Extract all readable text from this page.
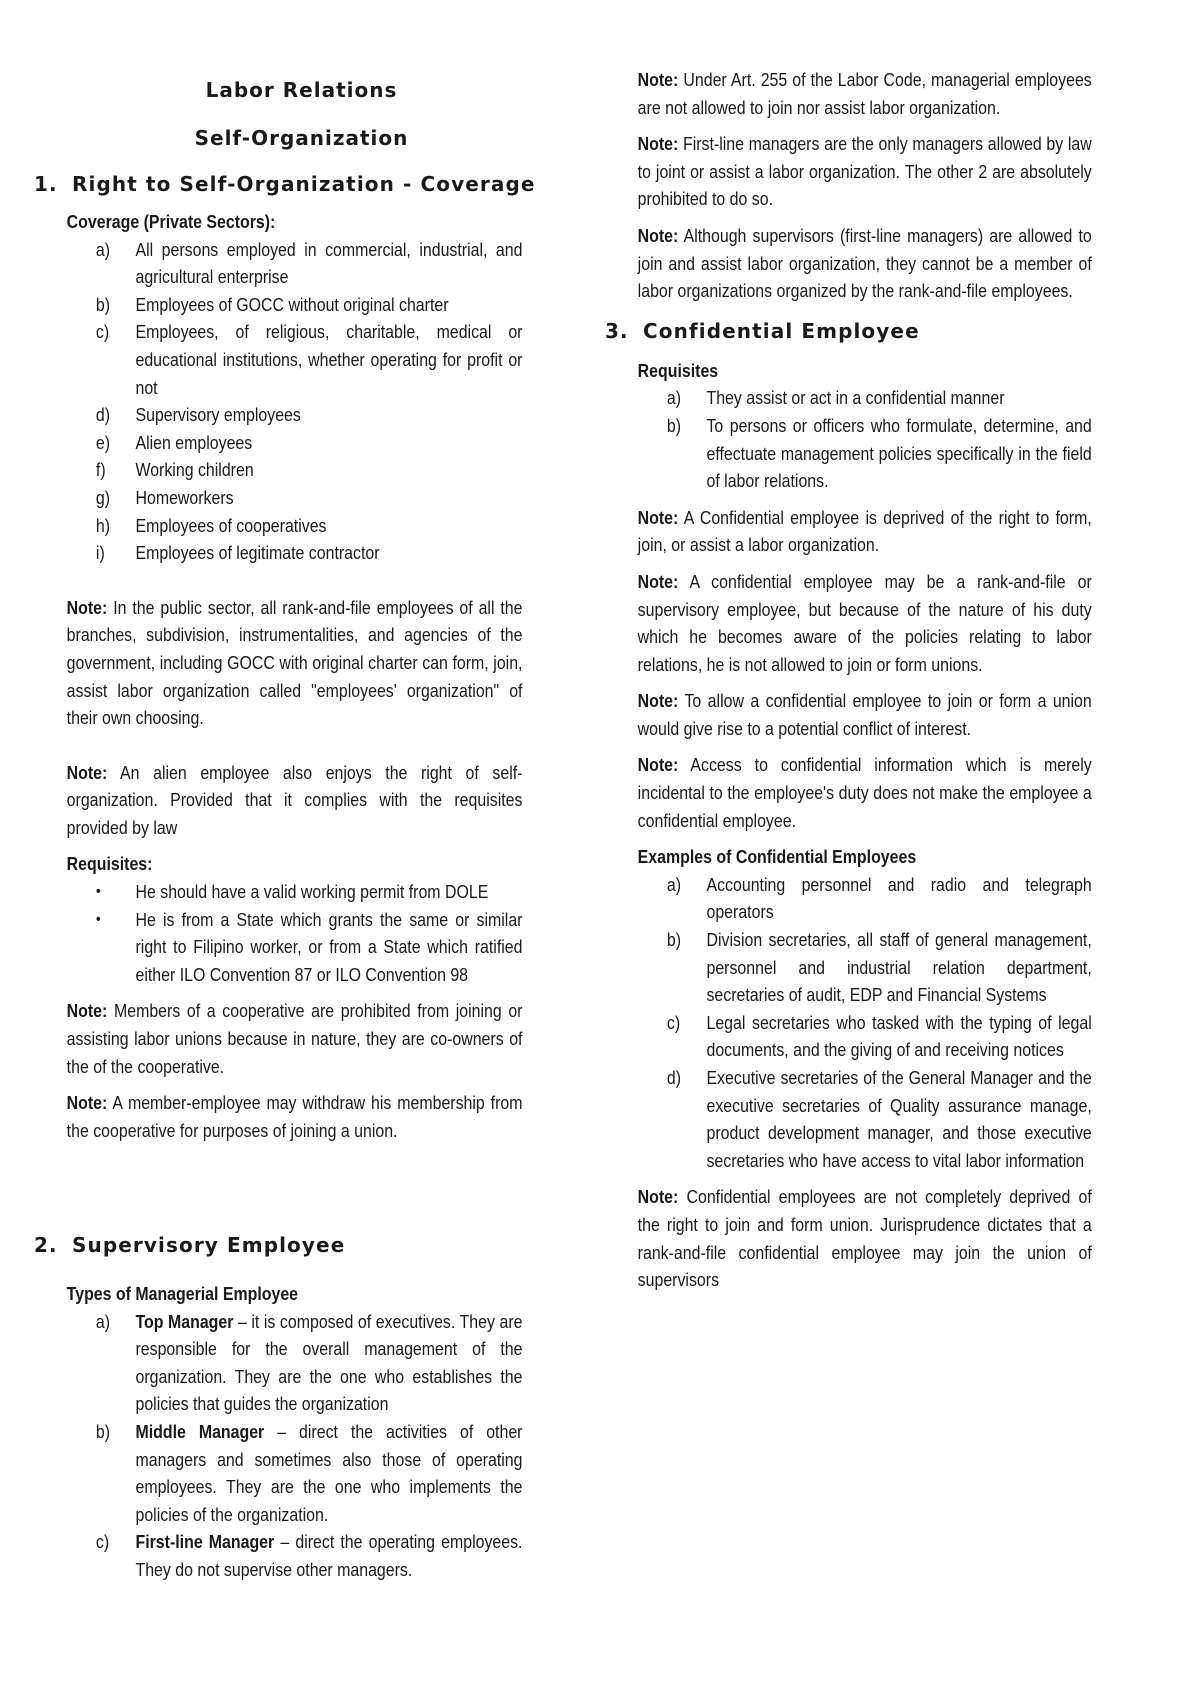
Labor Relations
Self-Organization
1. Right to Self-Organization - Coverage

Coverage (Private Sectors):

a)	All persons employed in commercial, industrial, and agricultural enterprise
b)	Employees of GOCC without original charter
c)	Employees, of religious, charitable, medical or educational institutions, whether operating for profit or not
d)	Supervisory employees
e)	Alien employees
f)	Working children
g)	Homeworkers
h)	Employees of cooperatives
i)	Employees of legitimate contractor

Note: In the public sector, all rank-and-file employees of all the branches, subdivision, instrumentalities, and agencies of the government, including GOCC with original charter can form, join, assist labor organization called "employees' organization" of their own choosing.

Note: An alien employee also enjoys the right of self-organization. Provided that it complies with the requisites provided by law

Requisites:

•	He should have a valid working permit from DOLE
•	He is from a State which grants the same or similar right to Filipino worker, or from a State which ratified either ILO Convention 87 or ILO Convention 98

Note: Members of a cooperative are prohibited from joining or assisting labor unions because in nature, they are co-owners of the of the cooperative.

Note: A member-employee may withdraw his membership from the cooperative for purposes of joining a union.

2. Supervisory Employee

Types of Managerial Employee

a)	Top Manager – it is composed of executives. They are responsible for the overall management of the organization. They are the one who establishes the policies that guides the organization
b)	Middle Manager – direct the activities of other managers and sometimes also those of operating employees. They are the one who implements the policies of the organization.
c)	First-line Manager – direct the operating employees. They do not supervise other managers.

Note: Under Art. 255 of the Labor Code, managerial employees are not allowed to join nor assist labor organization.

Note: First-line managers are the only managers allowed by law to joint or assist a labor organization. The other 2 are absolutely prohibited to do so.

Note: Although supervisors (first-line managers) are allowed to join and assist labor organization, they cannot be a member of labor organizations organized by the rank-and-file employees.

3. Confidential Employee

Requisites

a)	They assist or act in a confidential manner
b)	To persons or officers who formulate, determine, and effectuate management policies specifically in the field of labor relations.

Note: A Confidential employee is deprived of the right to form, join, or assist a labor organization.

Note: A confidential employee may be a rank-and-file or supervisory employee, but because of the nature of his duty which he becomes aware of the policies relating to labor relations, he is not allowed to join or form unions.

Note: To allow a confidential employee to join or form a union would give rise to a potential conflict of interest.

Note: Access to confidential information which is merely incidental to the employee's duty does not make the employee a confidential employee.

Examples of Confidential Employees

a)	Accounting personnel and radio and telegraph operators
b)	Division secretaries, all staff of general management, personnel and industrial relation department, secretaries of audit, EDP and Financial Systems
c)	Legal secretaries who tasked with the typing of legal documents, and the giving of and receiving notices
d)	Executive secretaries of the General Manager and the executive secretaries of Quality assurance manage, product development manager, and those executive secretaries who have access to vital labor information

Note: Confidential employees are not completely deprived of the right to join and form union. Jurisprudence dictates that a rank-and-file confidential employee may join the union of supervisors
